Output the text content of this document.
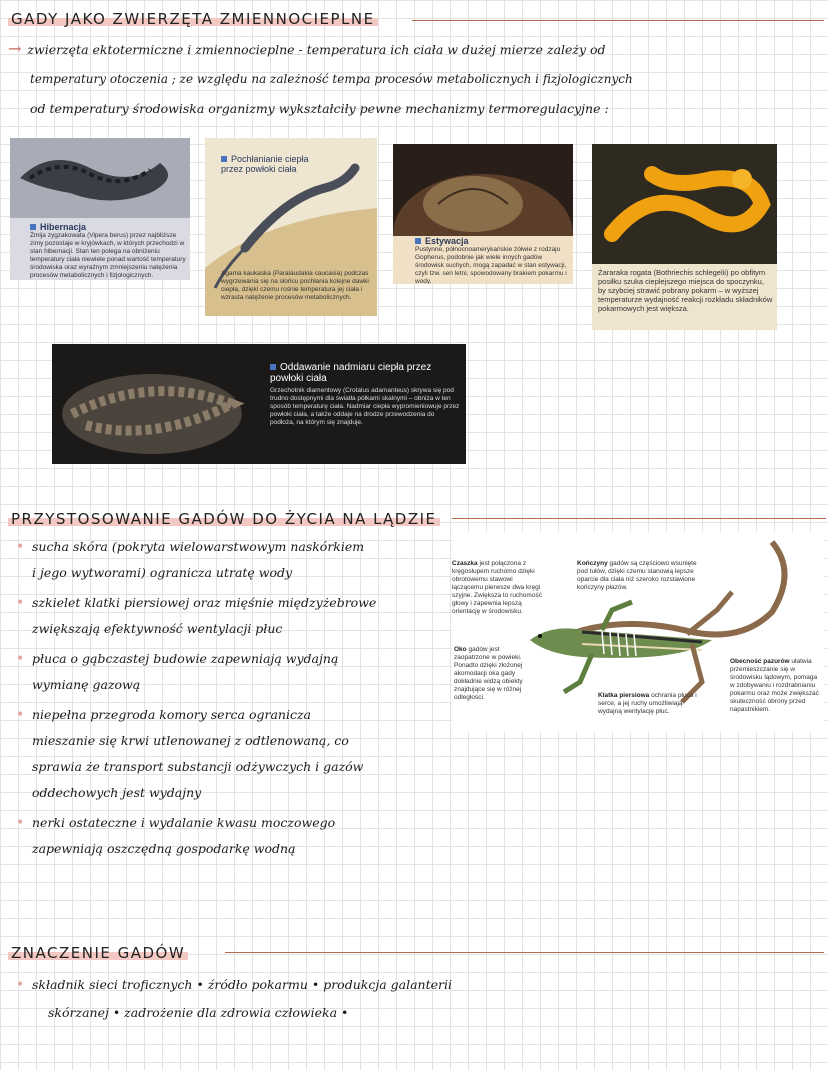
GADY JAKO ZWIERZĘTA ZMIENNOCIEPLNE
→ zwierzęta ektotermiczne i zmiennocieplne - temperatura ich ciała w dużej mierze zależy od
temperatury otoczenia ; ze względu na zależność tempa procesów metabolicznych i fizjologicznych
od temperatury środowiska organizmy wykształciły pewne mechanizmy termoregulacyjne :
Hibernacja
Żmija zygzakowata (Vipera berus) przez najbliższe zimy pozostaje w kryjówkach, w których przechodzi w stan hibernacji. Stan ten polega na obniżeniu temperatury ciała niewiele ponad wartość temperatury środowiska oraz wyraźnym zmniejszeniu natężenia procesów metabolicznych i fizjologicznych.
Pochłanianie ciepła przez powłoki ciała
Agama kaukaska (Paralaudakia caucasia) podczas wygrzewania się na słońcu pochłania kolejne dawki ciepła, dzięki czemu rośnie temperatura jej ciała i wzrasta natężenie procesów metabolicznych.
Estywacja
Pustynne, północnoamerykańskie żółwie z rodzaju Gopherus, podobnie jak wiele innych gadów środowisk suchych, mogą zapadać w stan estywacji, czyli tzw. sen letni, spowodowany brakiem pokarmu i wody.
Żararaka rogata (Bothriechis schlegelii) po obfitym posiłku szuka cieplejszego miejsca do spoczynku, by szybciej strawić pobrany pokarm – w wyższej temperaturze wydajność reakcji rozkładu składników pokarmowych jest większa.
Oddawanie nadmiaru ciepła przez powłoki ciała
Grzechotnik diamentowy (Crotalus adamanteus) skrywa się pod trudno dostępnymi dla światła półkami skalnymi – obniża w ten sposób temperaturę ciała. Nadmiar ciepła wypromieniowuje przez powłoki ciała, a także oddaje na drodze przewodzenia do podłoża, na którym się znajduje.
PRZYSTOSOWANIE GADÓW DO ŻYCIA NA LĄDZIE
• sucha skóra (pokryta wielowarstwowym naskórkiem
i jego wytworami) ogranicza utratę wody
• szkielet klatki piersiowej oraz mięśnie międzyżebrowe
zwiększają efektywność wentylacji płuc
• płuca o gąbczastej budowie zapewniają wydajną
wymianę gazową
• niepełna przegroda komory serca ogranicza
mieszanie się krwi utlenowanej z odtlenowaną, co
sprawia że transport substancji odżywczych i gazów
oddechowych jest wydajny
• nerki ostateczne i wydalanie kwasu moczowego
zapewniają oszczędną gospodarkę wodną
Czaszka jest połączona z kręgosłupem ruchomo dzięki obrotowemu stawowi łączącemu pierwsze dwa kręgi szyjne. Zwiększa to ruchomość głowy i zapewnia lepszą orientację w środowisku.
Kończyny gadów są częściowo wsunięte pod tułów, dzięki czemu stanowią lepsze oparcie dla ciała niż szeroko rozstawione kończyny płazów.
Oko gadów jest zaopatrzone w powieki. Ponadto dzięki złożonej akomodacji oka gady dokładnie widzą obiekty znajdujące się w różnej odległości.	Klatka piersiowa ochrania płuca i serce, a jej ruchy umożliwiają wydajną wentylację płuc.
Obecność pazurów ułatwia przemieszczanie się w środowisku lądowym, pomaga w zdobywaniu i rozdrabnianiu pokarmu oraz może zwiększać skuteczność obrony przed napastnikiem.
ZNACZENIE GADÓW
• składnik sieci troficznych • źródło pokarmu • produkcja galanterii
skórzanej • zadrożenie dla zdrowia człowieka •
